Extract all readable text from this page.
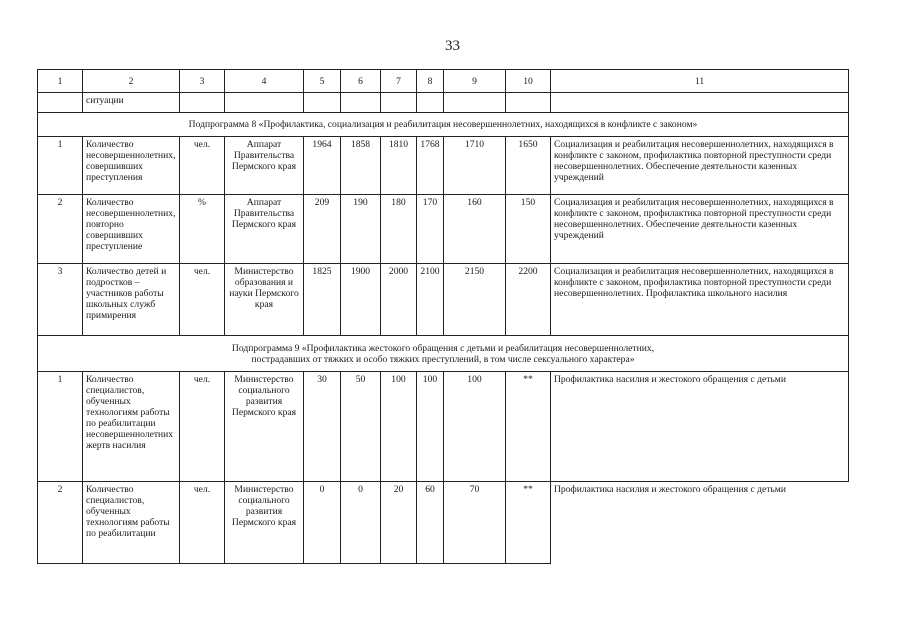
33
1	2	3	4	5	6	7	8	9	10	11
	ситуации									
Подпрограмма 8 «Профилактика, социализация и реабилитация несовершеннолетних, находящихся в конфликте с законом»										
1	Количество несовершеннолетних, совершивших преступления	чел.	Аппарат Правительства Пермского края	1964	1858	1810	1768	1710	1650	Социализация и реабилитация несовершеннолетних, находящихся в конфликте с законом, профилактика повторной преступности среди несовершеннолетних. Обеспечение деятельности казенных учреждений
2	Количество несовершеннолетних, повторно совершивших преступление	%	Аппарат Правительства Пермского края	209	190	180	170	160	150	Социализация и реабилитация несовершеннолетних, находящихся в конфликте с законом, профилактика повторной преступности среди несовершеннолетних. Обеспечение деятельности казенных учреждений
3	Количество детей и подростков – участников работы школьных служб примирения	чел.	Министерство образования и науки Пермского края	1825	1900	2000	2100	2150	2200	Социализация и реабилитация несовершеннолетних, находящихся в конфликте с законом, профилактика повторной преступности среди несовершеннолетних. Профилактика школьного насилия

Подпрограмма 9 «Профилактика жестокого обращения с детьми и реабилитация несовершеннолетних,
пострадавших от тяжких и особо тяжких преступлений, в том числе сексуального характера»										

1	Количество специалистов, обученных технологиям работы по реабилитации несовершеннолетних жертв насилия	чел.	Министерство социального развития Пермского края	30	50	100	100	100	**	Профилактика насилия и жестокого обращения с детьми
2	Количество специалистов, обученных технологиям работы по реабилитации	чел.	Министерство социального развития Пермского края	0	0	20	60	70	**	Профилактика насилия и жестокого обращения с детьми
